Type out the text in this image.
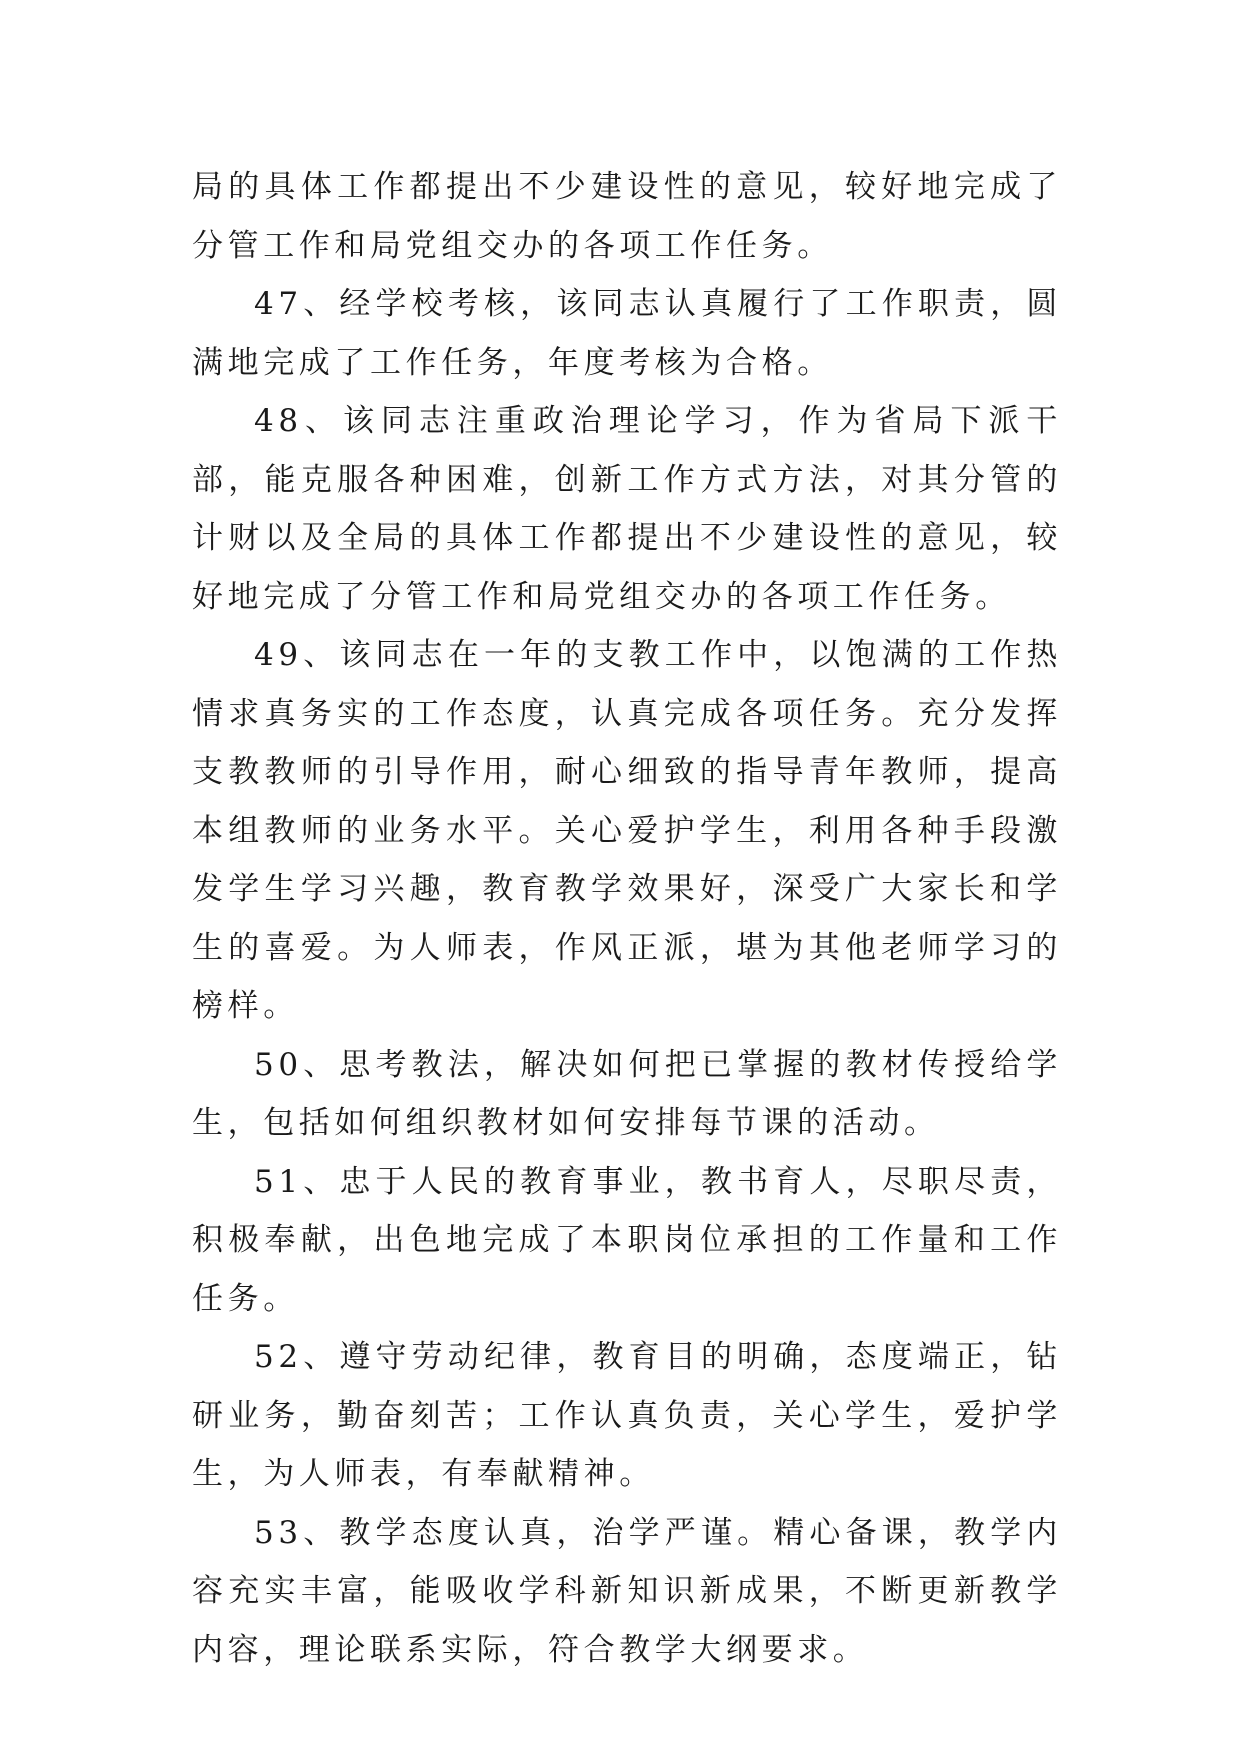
局的具体工作都提出不少建设性的意见，较好地完成了分管工作和局党组交办的各项工作任务。

47、经学校考核，该同志认真履行了工作职责，圆满地完成了工作任务，年度考核为合格。

48、该同志注重政治理论学习，作为省局下派干部，能克服各种困难，创新工作方式方法，对其分管的计财以及全局的具体工作都提出不少建设性的意见，较好地完成了分管工作和局党组交办的各项工作任务。

49、该同志在一年的支教工作中，以饱满的工作热情求真务实的工作态度，认真完成各项任务。充分发挥支教教师的引导作用，耐心细致的指导青年教师，提高本组教师的业务水平。关心爱护学生，利用各种手段激发学生学习兴趣，教育教学效果好，深受广大家长和学生的喜爱。为人师表，作风正派，堪为其他老师学习的榜样。

50、思考教法，解决如何把已掌握的教材传授给学生，包括如何组织教材如何安排每节课的活动。

51、忠于人民的教育事业，教书育人，尽职尽责，积极奉献，出色地完成了本职岗位承担的工作量和工作任务。

52、遵守劳动纪律，教育目的明确，态度端正，钻研业务，勤奋刻苦；工作认真负责，关心学生，爱护学生，为人师表，有奉献精神。

53、教学态度认真，治学严谨。精心备课，教学内容充实丰富，能吸收学科新知识新成果，不断更新教学内容，理论联系实际，符合教学大纲要求。
